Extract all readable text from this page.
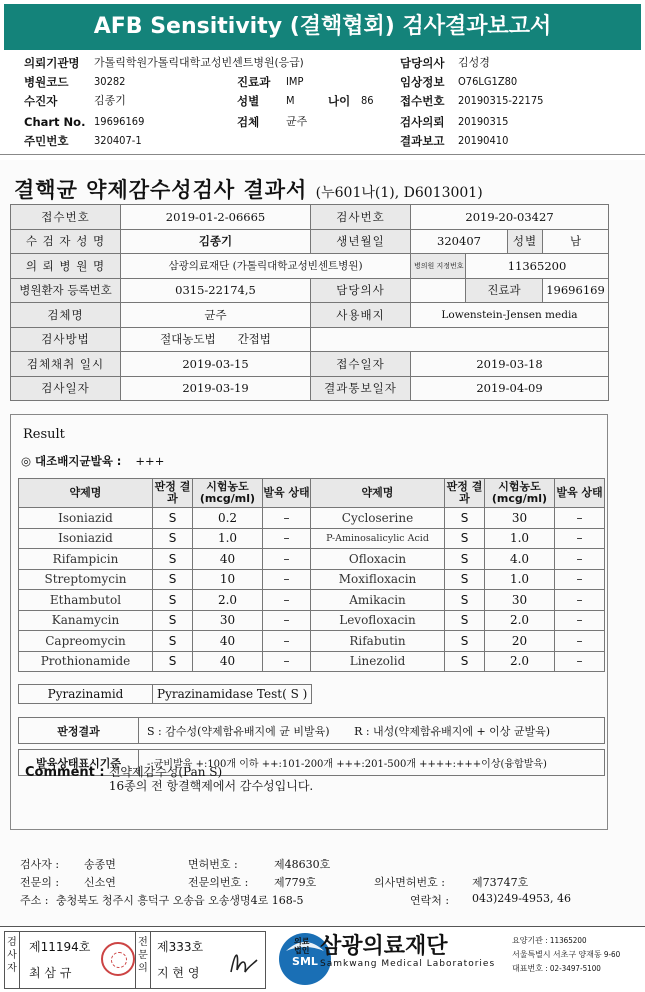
AFB Sensitivity (결핵협회) 검사결과보고서
의뢰기관명 가톨릭학원가톨릭대학교성빈센트병원(응급)	담당의사 김성경
병원코드 30282	진료과 IMP	임상정보 O76LG1Z80
수진자	김종기	성별 M	나이 86 접수번호 20190315-22175
Chart No. 19696169	검체 균주	검사의뢰 20190315
주민번호 320407-1	결과보고 20190410
결핵균 약제감수성검사 결과서 (누601나(1), D6013001)
접수번호	2019-01-2-06665	검사번호	2019-20-03427			
수 검 자 성 명	김종기	생년월일	320407		성별	남
의 뢰 병 원 명	삼광의료재단 (가톨릭대학교성빈센트병원)		병의원 지정번호	11365200		
병원환자 등록번호	0315-22174,5	담당의사		진료과		19696169
검체명	균주	사용배지	Lowenstein-Jensen media			
검사방법	절대농도법 간접법					
검체채취 일시	2019-03-15	접수일자	2019-03-18			
검사일자	2019-03-19	결과통보일자	2019-04-09			
Result
◎ 대조배지균발육 : +++
약제명	판정 결과	시험농도 (mcg/ml)	발육 상태	약제명	판정 결과	시험농도 (mcg/ml)	발육 상태
Isoniazid	S	0.2	–	Cycloserine	S	30	–
Isoniazid	S	1.0	–	P-Aminosalicylic Acid	S	1.0	–
Rifampicin	S	40	–	Ofloxacin	S	4.0	–
Streptomycin	S	10	–	Moxifloxacin	S	1.0	–
Ethambutol	S	2.0	–	Amikacin	S	30	–
Kanamycin	S	30	–	Levofloxacin	S	2.0	–
Capreomycin	S	40	–	Rifabutin	S	20	–
Prothionamide	S	40	–	Linezolid	S	2.0	–
Pyrazinamid	Pyrazinamidase Test( S )
판정결과	S : 감수성(약제함유배지에 균 비발육) R : 내성(약제함유배지에 + 이상 균발육)

발육상태표시기준	-:균비발육 +:100개 이하 ++:101-200개 +++:201-500개 ++++:+++이상(융합발육)
Comment : 전약제감수성(Pan S)
16종의 전 항결핵제에서 감수성입니다.
검사자 : 송종면	면허번호 :	제48630호
전문의 : 신소연	전문의번호 : 제779호	의사면허번호 : 제73747호
주소 : 충청북도 청주시 흥덕구 오송읍 오송생명4로 168-5	연락처 : 043)249-4953, 46
검사자
제11194호
최 삼 규
전문의
제333호
지 현 영
SML
의료 법인 삼광의료재단
Samkwang Medical Laboratories
요양기관 : 11365200
서울특별시 서초구 양재동 9-60
대표번호 : 02-3497-5100
